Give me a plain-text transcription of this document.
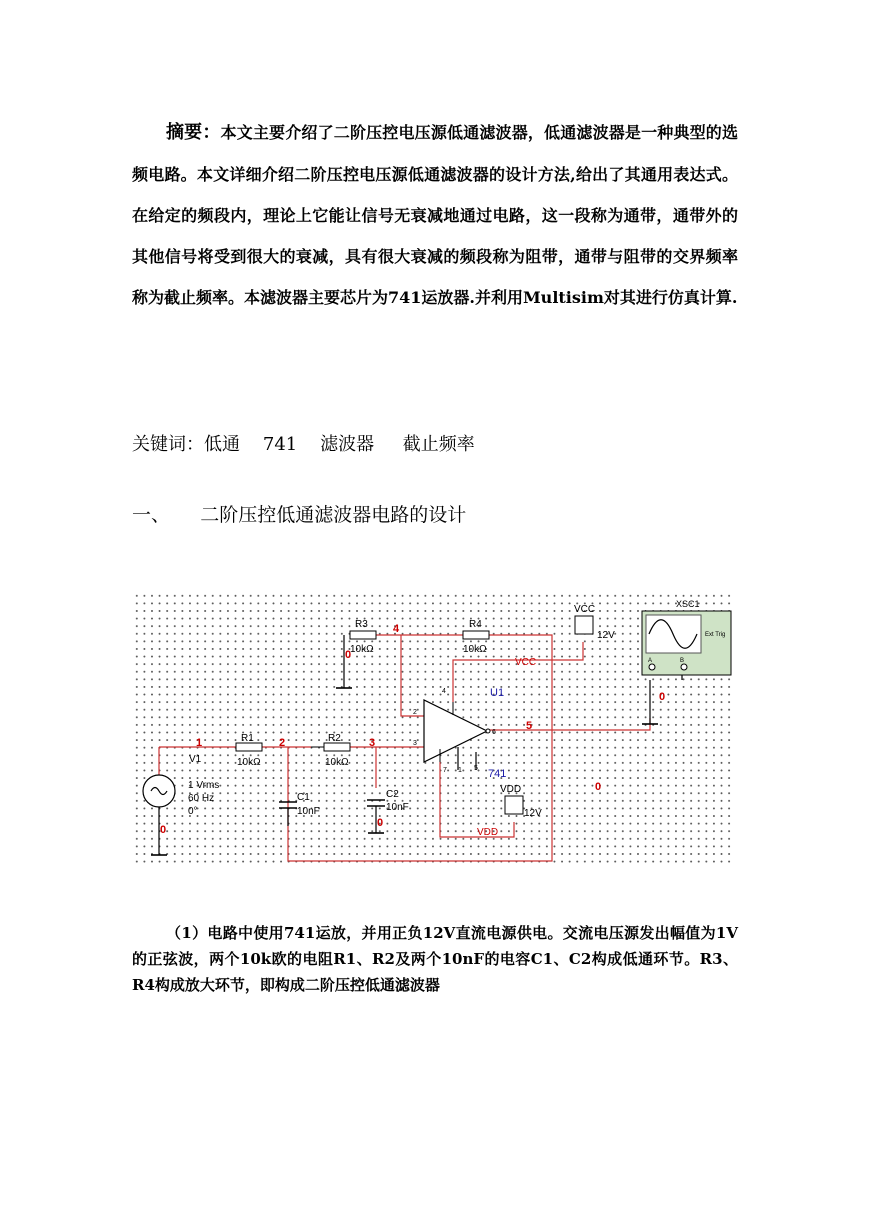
摘要：本文主要介绍了二阶压控电压源低通滤波器，低通滤波器是一种典型的选频电路。本文详细介绍二阶压控电压源低通滤波器的设计方法,给出了其通用表达式。在给定的频段内，理论上它能让信号无衰减地通过电路，这一段称为通带，通带外的其他信号将受到很大的衰减，具有很大衰减的频段称为阻带，通带与阻带的交界频率称为截止频率。本滤波器主要芯片为741运放器.并利用Multisim对其进行仿真计算.

关键词：低通 741 滤波器 截止频率

一、 二阶压控低通滤波器电路的设计

R1
10kΩ
R2
10kΩ
R3
10kΩ
R4
10kΩ
C1
10nF
C2
10nF
V1
1 Vrms
60 Hz
0°
VCC
12V
VDD
12V
XSC1
Ext Trig
A	B
U1
741
4
2
3
6
7 1 5
1	2	3
4
5
0
0
0
0
0
VCC
VDD

（1）电路中使用741运放，并用正负12V直流电源供电。交流电压源发出幅值为1V的正弦波，两个10k欧的电阻R1、R2及两个10nF的电容C1、C2构成低通环节。R3、R4构成放大环节，即构成二阶压控低通滤波器
